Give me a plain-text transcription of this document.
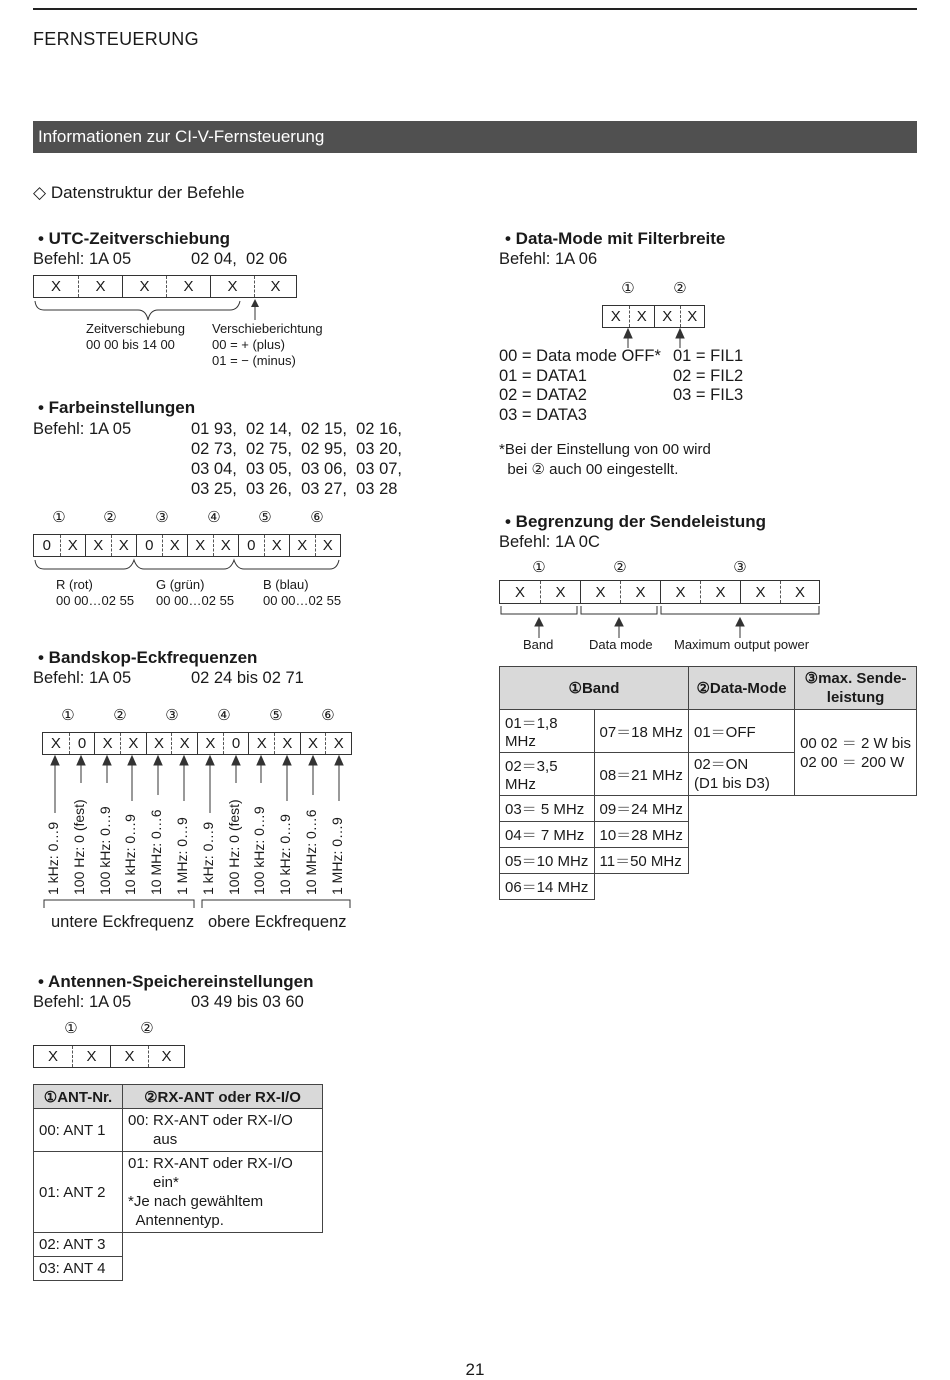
FERNSTEUERUNG
Informationen zur CI-V-Fernsteuerung
◇ Datenstruktur der Befehle
• UTC-Zeitverschiebung
Befehl: 1A 05	02 04,  02 06
X	X	X	X	X	X
Zeitverschiebung
00 00 bis 14 00
Verschieberichtung
00 = + (plus)
01 = − (minus)
• Farbeinstellungen
Befehl: 1A 05	01 93,  02 14,  02 15,  02 16,
02 73,  02 75,  02 95,  03 20,
03 04,  03 05,  03 06,  03 07,
03 25,  03 26,  03 27,  03 28
①	②	③	④	⑤	⑥
0	X	X	X	0	X	X	X	0	X	X	X
R (rot)
00 00…02 55
G (grün)
00 00…02 55
B (blau)
00 00…02 55
• Bandskop-Eckfrequenzen
Befehl: 1A 05	02 24 bis 02 71
①	②	③	④	⑤	⑥
X	0	X	X	X	X	X	0	X	X	X	X
1 kHz: 0…9 100 Hz: 0 (fest) 100 kHz: 0…9 10 kHz: 0…9 10 MHz: 0…6 1 MHz: 0…9 1 kHz: 0…9 100 Hz: 0 (fest) 100 kHz: 0…9 10 kHz: 0…9 10 MHz: 0…6 1 MHz: 0…9
untere Eckfrequenz obere Eckfrequenz
• Antennen-Speichereinstellungen
Befehl: 1A 05	03 49 bis 03 60
①	②
X	X	X	X
①ANT-Nr.	②RX-ANT oder RX-I/O
00: ANT 1	00: RX-ANT oder RX-I/O
aus
01: ANT 2	01: RX-ANT oder RX-I/O
ein*
*Je nach gewähltem
Antennentyp.
02: ANT 3	
03: ANT 4	
• Data-Mode mit Filterbreite
Befehl: 1A 06
①	②
X	X	X X
00 = Data mode OFF*
01 = DATA1
02 = DATA2
03 = DATA3
01 = FIL1
02 = FIL2
03 = FIL3
*Bei der Einstellung von 00 wird
bei ② auch 00 eingestellt.
• Begrenzung der Sendeleistung
Befehl: 1A 0C
①	②	③
X	X	X	X	X	X	X	X
Band	Data mode Maximum output power
①Band		②Data-Mode	③max. Sende-
leistung
01＝1,8 MHz	07＝18 MHz	01＝OFF	00 02 ＝ 2 W bis
02 00 ＝ 200 W
02＝3,5 MHz	08＝21 MHz	02＝ON
(D1 bis D3)	
03＝ 5 MHz	09＝24 MHz		
04＝ 7 MHz	10＝28 MHz		
05＝10 MHz	11＝50 MHz		
06＝14 MHz			
21
